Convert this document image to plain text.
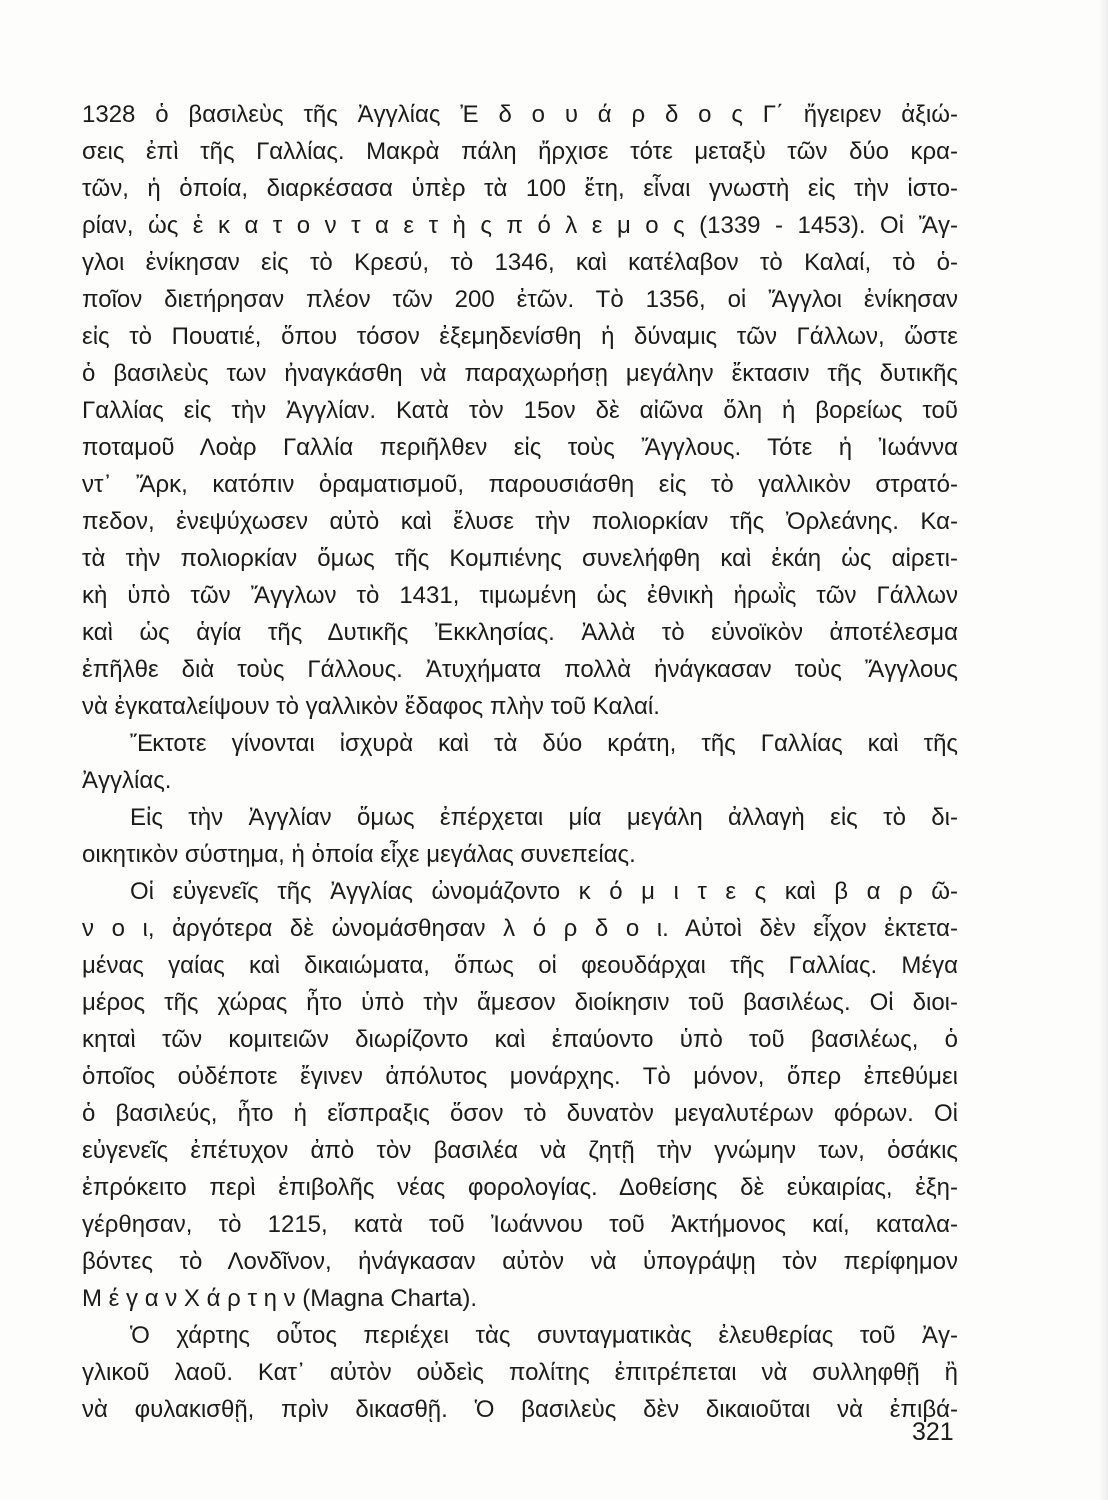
1328 ὁ βασιλεὺς τῆς Ἀγγλίας Ἐ δ ο υ ά ρ δ ο ς Γ΄ ἤγειρεν ἀξιώ-
σεις ἐπὶ τῆς Γαλλίας. Μακρὰ πάλη ἤρχισε τότε μεταξὺ τῶν δύο κρα-
τῶν, ἡ ὁποία, διαρκέσασα ὑπὲρ τὰ 100 ἔτη, εἶναι γνωστὴ εἰς τὴν ἱστο-
ρίαν, ὡς ἑ κ α τ ο ν τ α ε τ ὴ ς π ό λ ε μ ο ς (1339 - 1453). Οἱ Ἄγ-
γλοι ἐνίκησαν εἰς τὸ Κρεσύ, τὸ 1346, καὶ κατέλαβον τὸ Καλαί, τὸ ὁ-
ποῖον διετήρησαν πλέον τῶν 200 ἐτῶν. Τὸ 1356, οἱ Ἄγγλοι ἐνίκησαν
εἰς τὸ Πουατιέ, ὅπου τόσον ἐξεμηδενίσθη ἡ δύναμις τῶν Γάλλων, ὥστε
ὁ βασιλεὺς των ἠναγκάσθη νὰ παραχωρήσῃ μεγάλην ἔκτασιν τῆς δυτικῆς
Γαλλίας εἰς τὴν Ἀγγλίαν. Κατὰ τὸν 15ον δὲ αἰῶνα ὅλη ἡ βορείως τοῦ
ποταμοῦ Λοὰρ Γαλλία περιῆλθεν εἰς τοὺς Ἄγγλους. Τότε ἡ Ἰωάννα
ντ᾽ Ἄρκ, κατόπιν ὁραματισμοῦ, παρουσιάσθη εἰς τὸ γαλλικὸν στρατό-
πεδον, ἐνεψύχωσεν αὐτὸ καὶ ἔλυσε τὴν πολιορκίαν τῆς Ὀρλεάνης. Κα-
τὰ τὴν πολιορκίαν ὅμως τῆς Κομπιένης συνελήφθη καὶ ἐκάη ὡς αἱρετι-
κὴ ὑπὸ τῶν Ἄγγλων τὸ 1431, τιμωμένη ὡς ἐθνικὴ ἡρωῒς τῶν Γάλλων
καὶ ὡς ἁγία τῆς Δυτικῆς Ἐκκλησίας. Ἀλλὰ τὸ εὐνοϊκὸν ἀποτέλεσμα
ἐπῆλθε διὰ τοὺς Γάλλους. Ἀτυχήματα πολλὰ ἠνάγκασαν τοὺς Ἄγγλους
νὰ ἐγκαταλείψουν τὸ γαλλικὸν ἔδαφος πλὴν τοῦ Καλαί.
Ἔκτοτε γίνονται ἰσχυρὰ καὶ τὰ δύο κράτη, τῆς Γαλλίας καὶ τῆς
Ἀγγλίας.
Εἰς τὴν Ἀγγλίαν ὅμως ἐπέρχεται μία μεγάλη ἀλλαγὴ εἰς τὸ δι-
οικητικὸν σύστημα, ἡ ὁποία εἶχε μεγάλας συνεπείας.
Οἱ εὐγενεῖς τῆς Ἀγγλίας ὠνομάζοντο κ ό μ ι τ ε ς καὶ β α ρ ῶ-
ν ο ι, ἀργότερα δὲ ὠνομάσθησαν λ ό ρ δ ο ι. Αὐτοὶ δὲν εἶχον ἐκτετα-
μένας γαίας καὶ δικαιώματα, ὅπως οἱ φεουδάρχαι τῆς Γαλλίας. Μέγα
μέρος τῆς χώρας ἦτο ὑπὸ τὴν ἄμεσον διοίκησιν τοῦ βασιλέως. Οἱ διοι-
κηταὶ τῶν κομιτειῶν διωρίζοντο καὶ ἐπαύοντο ὑπὸ τοῦ βασιλέως, ὁ
ὁποῖος οὐδέποτε ἔγινεν ἀπόλυτος μονάρχης. Τὸ μόνον, ὅπερ ἐπεθύμει
ὁ βασιλεύς, ἦτο ἡ εἴσπραξις ὅσον τὸ δυνατὸν μεγαλυτέρων φόρων. Οἱ
εὐγενεῖς ἐπέτυχον ἀπὸ τὸν βασιλέα νὰ ζητῇ τὴν γνώμην των, ὁσάκις
ἐπρόκειτο περὶ ἐπιβολῆς νέας φορολογίας. Δοθείσης δὲ εὐκαιρίας, ἐξη-
γέρθησαν, τὸ 1215, κατὰ τοῦ Ἰωάννου τοῦ Ἀκτήμονος καί, καταλα-
βόντες τὸ Λονδῖνον, ἠνάγκασαν αὐτὸν νὰ ὑπογράψῃ τὸν περίφημον
Μ έ γ α ν Χ ά ρ τ η ν (Magna Charta).
Ὁ χάρτης οὗτος περιέχει τὰς συνταγματικὰς ἐλευθερίας τοῦ Ἀγ-
γλικοῦ λαοῦ. Κατ᾽ αὐτὸν οὐδεὶς πολίτης ἐπιτρέπεται νὰ συλληφθῇ ἢ
νὰ φυλακισθῇ, πρὶν δικασθῇ. Ὁ βασιλεὺς δὲν δικαιοῦται νὰ ἐπιβά-
321
